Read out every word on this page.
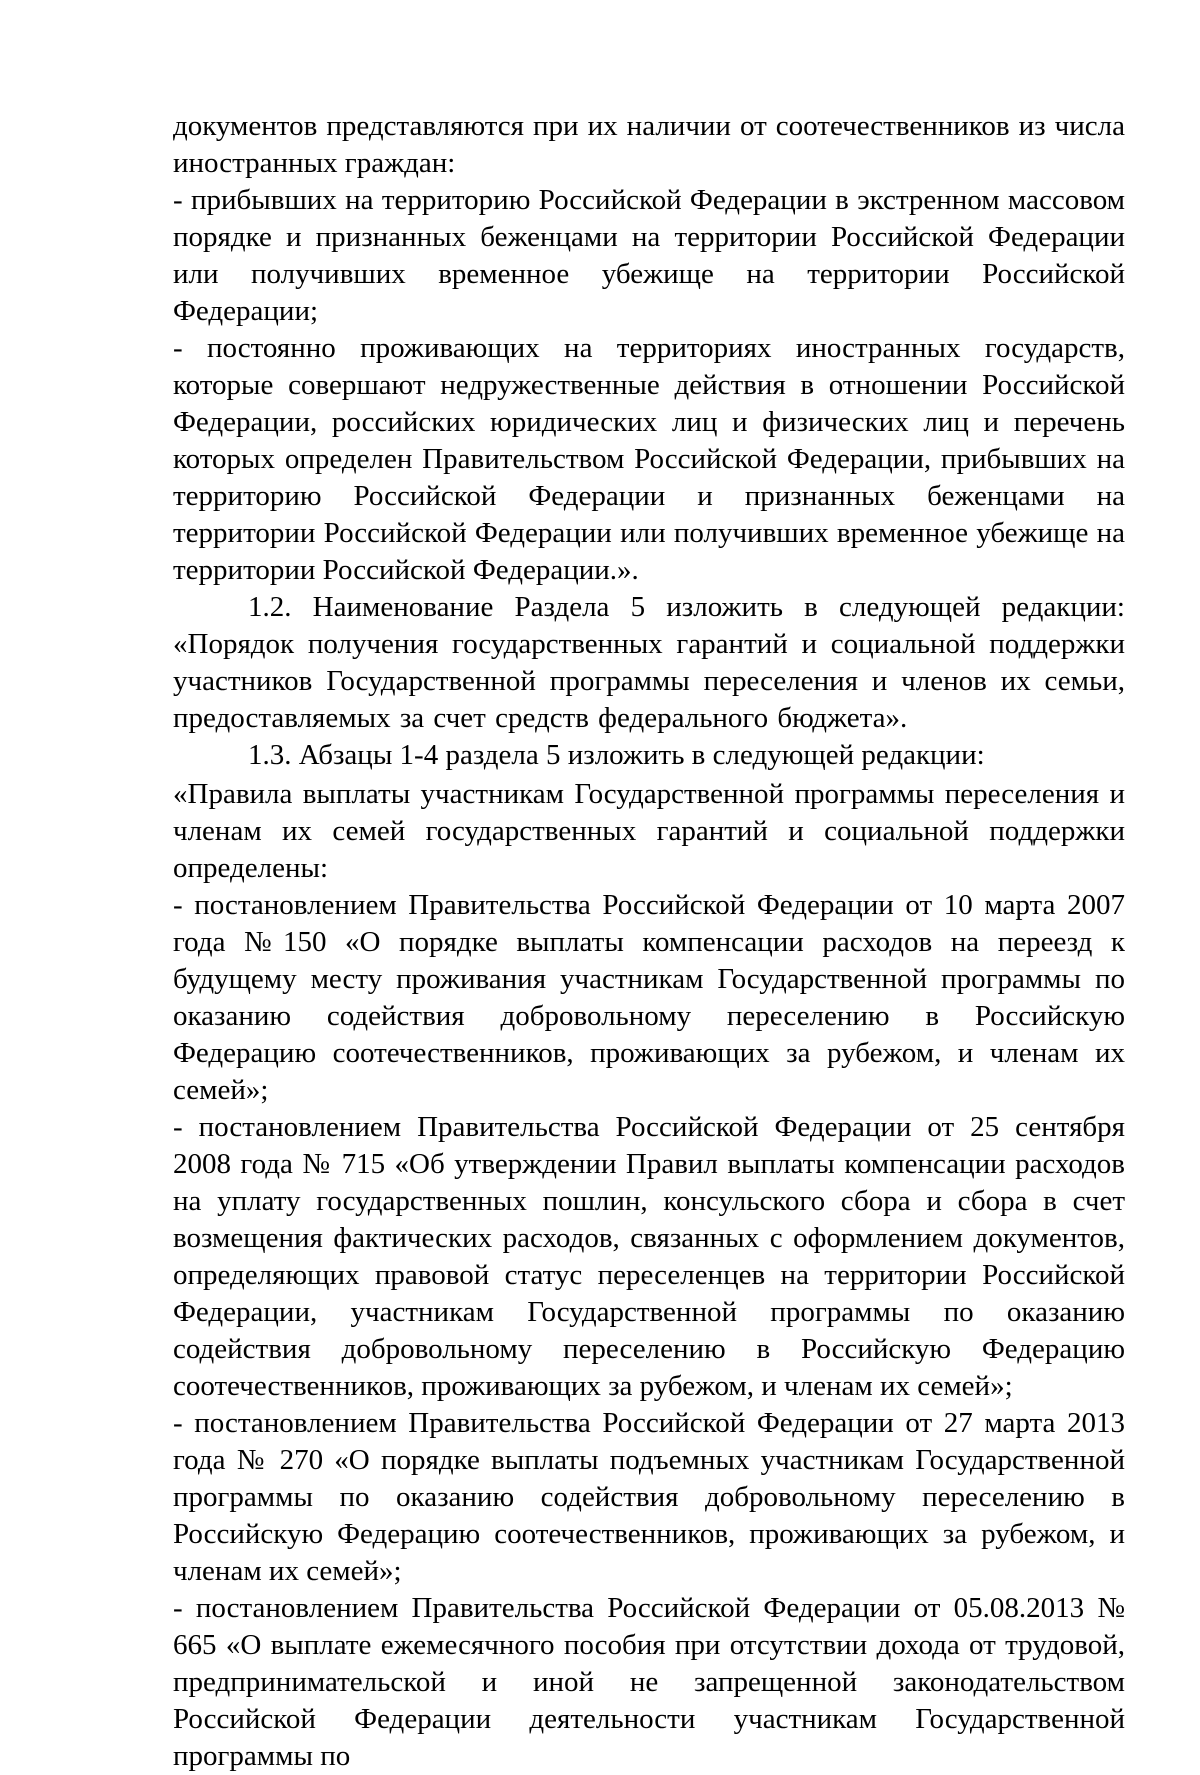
документов представляются при их наличии от соотечественников из числа иностранных граждан:

- прибывших на территорию Российской Федерации в экстренном массовом порядке и признанных беженцами на территории Российской Федерации или получивших временное убежище на территории Российской Федерации;

- постоянно проживающих на территориях иностранных государств, которые совершают недружественные действия в отношении Российской Федерации, российских юридических лиц и физических лиц и перечень которых определен Правительством Российской Федерации, прибывших на территорию Российской Федерации и признанных беженцами на территории Российской Федерации или получивших временное убежище на территории Российской Федерации.».

1.2. Наименование Раздела 5 изложить в следующей редакции: «Порядок получения государственных гарантий и социальной поддержки участников Государственной программы переселения и членов их семьи, предоставляемых за счет средств федерального бюджета».

1.3. Абзацы 1-4 раздела 5 изложить в следующей редакции:

«Правила выплаты участникам Государственной программы переселения и членам их семей государственных гарантий и социальной поддержки определены:

- постановлением Правительства Российской Федерации от 10 марта 2007 года №150 «О порядке выплаты компенсации расходов на переезд к будущему месту проживания участникам Государственной программы по оказанию содействия добровольному переселению в Российскую Федерацию соотечественников, проживающих за рубежом, и членам их семей»;

- постановлением Правительства Российской Федерации от 25 сентября 2008 года № 715 «Об утверждении Правил выплаты компенсации расходов на уплату государственных пошлин, консульского сбора и сбора в счет возмещения фактических расходов, связанных с оформлением документов, определяющих правовой статус переселенцев на территории Российской Федерации, участникам Государственной программы по оказанию содействия добровольному переселению в Российскую Федерацию соотечественников, проживающих за рубежом, и членам их семей»;

- постановлением Правительства Российской Федерации от 27 марта 2013 года № 270 «О порядке выплаты подъемных участникам Государственной программы по оказанию содействия добровольному переселению в Российскую Федерацию соотечественников, проживающих за рубежом, и членам их семей»;

- постановлением Правительства Российской Федерации от 05.08.2013 № 665 «О выплате ежемесячного пособия при отсутствии дохода от трудовой, предпринимательской и иной не запрещенной законодательством Российской Федерации деятельности участникам Государственной программы по
